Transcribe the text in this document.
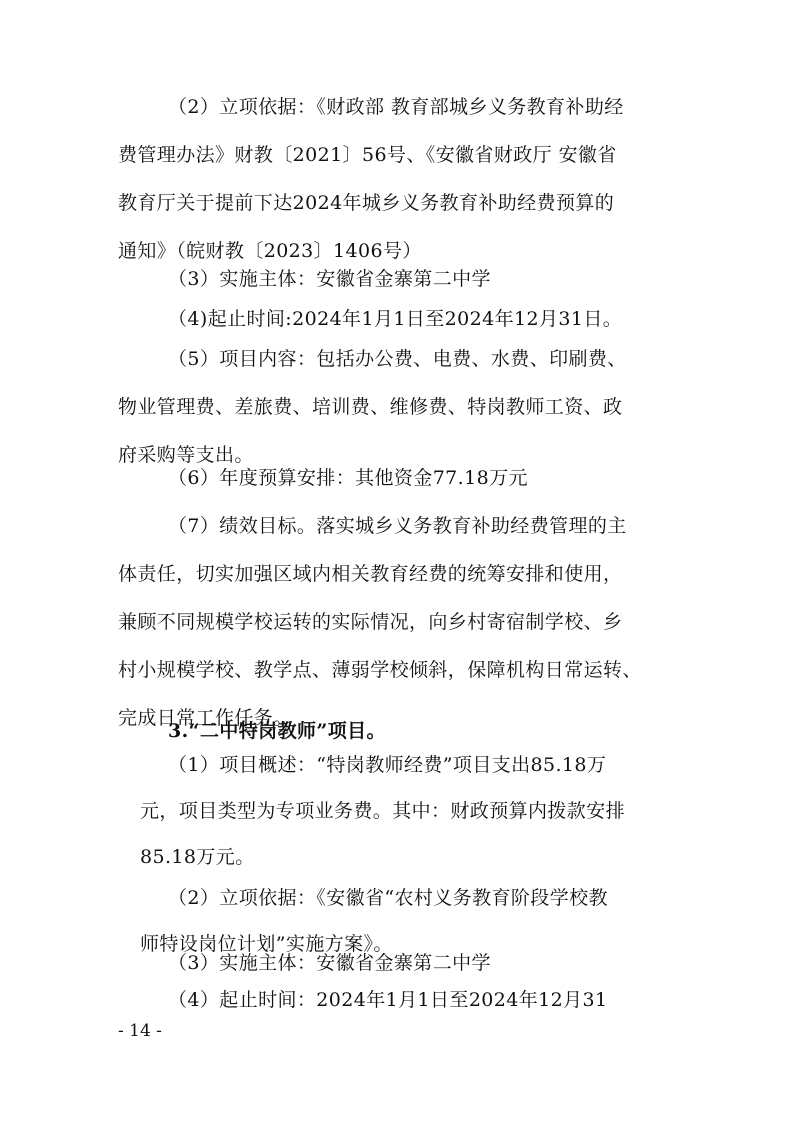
（2）立项依据：《财政部 教育部城乡义务教育补助经

费管理办法》财教〔2021〕56号、《安徽省财政厅 安徽省

教育厅关于提前下达2024年城乡义务教育补助经费预算的

通知》（皖财教〔2023〕1406号）

（3）实施主体：安徽省金寨第二中学

（4)起止时间:2024年1月1日至2024年12月31日。

（5）项目内容：包括办公费、电费、水费、印刷费、

物业管理费、差旅费、培训费、维修费、特岗教师工资、政

府采购等支出。

（6）年度预算安排：其他资金77.18万元

（7）绩效目标。落实城乡义务教育补助经费管理的主

体责任，切实加强区域内相关教育经费的统筹安排和使用，

兼顾不同规模学校运转的实际情况，向乡村寄宿制学校、乡

村小规模学校、教学点、薄弱学校倾斜，保障机构日常运转、

完成日常工作任务。

3.“二中特岗教师”项目。

（1）项目概述：“特岗教师经费”项目支出85.18万

元，项目类型为专项业务费。其中：财政预算内拨款安排

85.18万元。

（2）立项依据：《安徽省“农村义务教育阶段学校教

师特设岗位计划”实施方案》。

（3）实施主体：安徽省金寨第二中学

（4）起止时间：2024年1月1日至2024年12月31

- 14 -
